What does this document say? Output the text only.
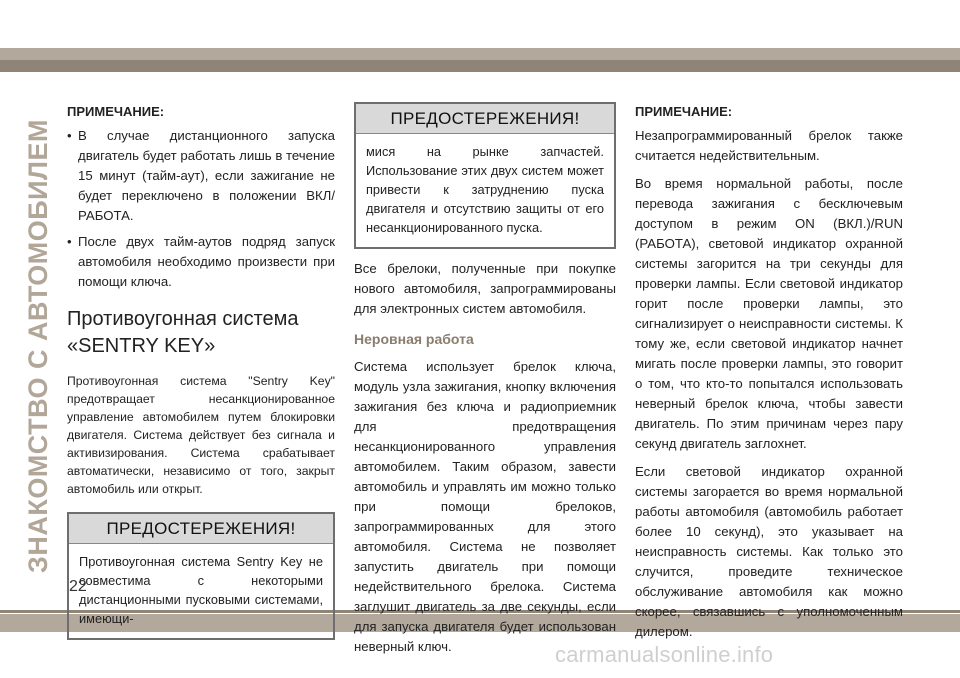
ЗНАКОМСТВО С АВТОМОБИЛЕМ
22
ПРИМЕЧАНИЕ:
• В случае дистанционного запуска двигатель будет работать лишь в течение 15 минут (тайм-аут), если зажигание не будет переключено в положении ВКЛ/РАБОТА.
• После двух тайм-аутов подряд запуск автомобиля необходимо произвести при помощи ключа.
Противоугонная система «SENTRY KEY»

Противоугонная система "Sentry Key" предотвращает несанкционированное управление автомобилем путем блокировки двигателя. Система действует без сигнала и активизирования. Система срабатывает автоматически, независимо от того, закрыт автомобиль или открыт.

ПРЕДОСТЕРЕЖЕНИЯ!
Противоугонная система Sentry Key не совместима с некоторыми дистанционными пусковыми системами, имеющи-
ПРЕДОСТЕРЕЖЕНИЯ!
мися на рынке запчастей. Использование этих двух систем может привести к затруднению пуска двигателя и отсутствию защиты от его несанкционированного пуска.

Все брелоки, полученные при покупке нового автомобиля, запрограммированы для электронных систем автомобиля.

Неровная работа

Система использует брелок ключа, модуль узла зажигания, кнопку включения зажигания без ключа и радиоприемник для предотвращения несанкционированного управления автомобилем. Таким образом, завести автомобиль и управлять им можно только при помощи брелоков, запрограммированных для этого автомобиля. Система не позволяет запустить двигатель при помощи недействительного брелока. Система заглушит двигатель за две секунды, если для запуска двигателя будет использован неверный ключ.

ПРИМЕЧАНИЕ:

Незапрограммированный брелок также считается недействительным.

Во время нормальной работы, после перевода зажигания с бесключевым доступом в режим ON (ВКЛ.)/RUN (РАБОТА), световой индикатор охранной системы загорится на три секунды для проверки лампы. Если световой индикатор горит после проверки лампы, это сигнализирует о неисправности системы. К тому же, если световой индикатор начнет мигать после проверки лампы, это говорит о том, что кто-то попытался использовать неверный брелок ключа, чтобы завести двигатель. По этим причинам через пару секунд двигатель заглохнет.

Если световой индикатор охранной системы загорается во время нормальной работы автомобиля (автомобиль работает более 10 секунд), это указывает на неисправность системы. Как только это случится, проведите техническое обслуживание автомобиля как можно скорее, связавшись с уполномоченным дилером.

carmanualsonline.info
